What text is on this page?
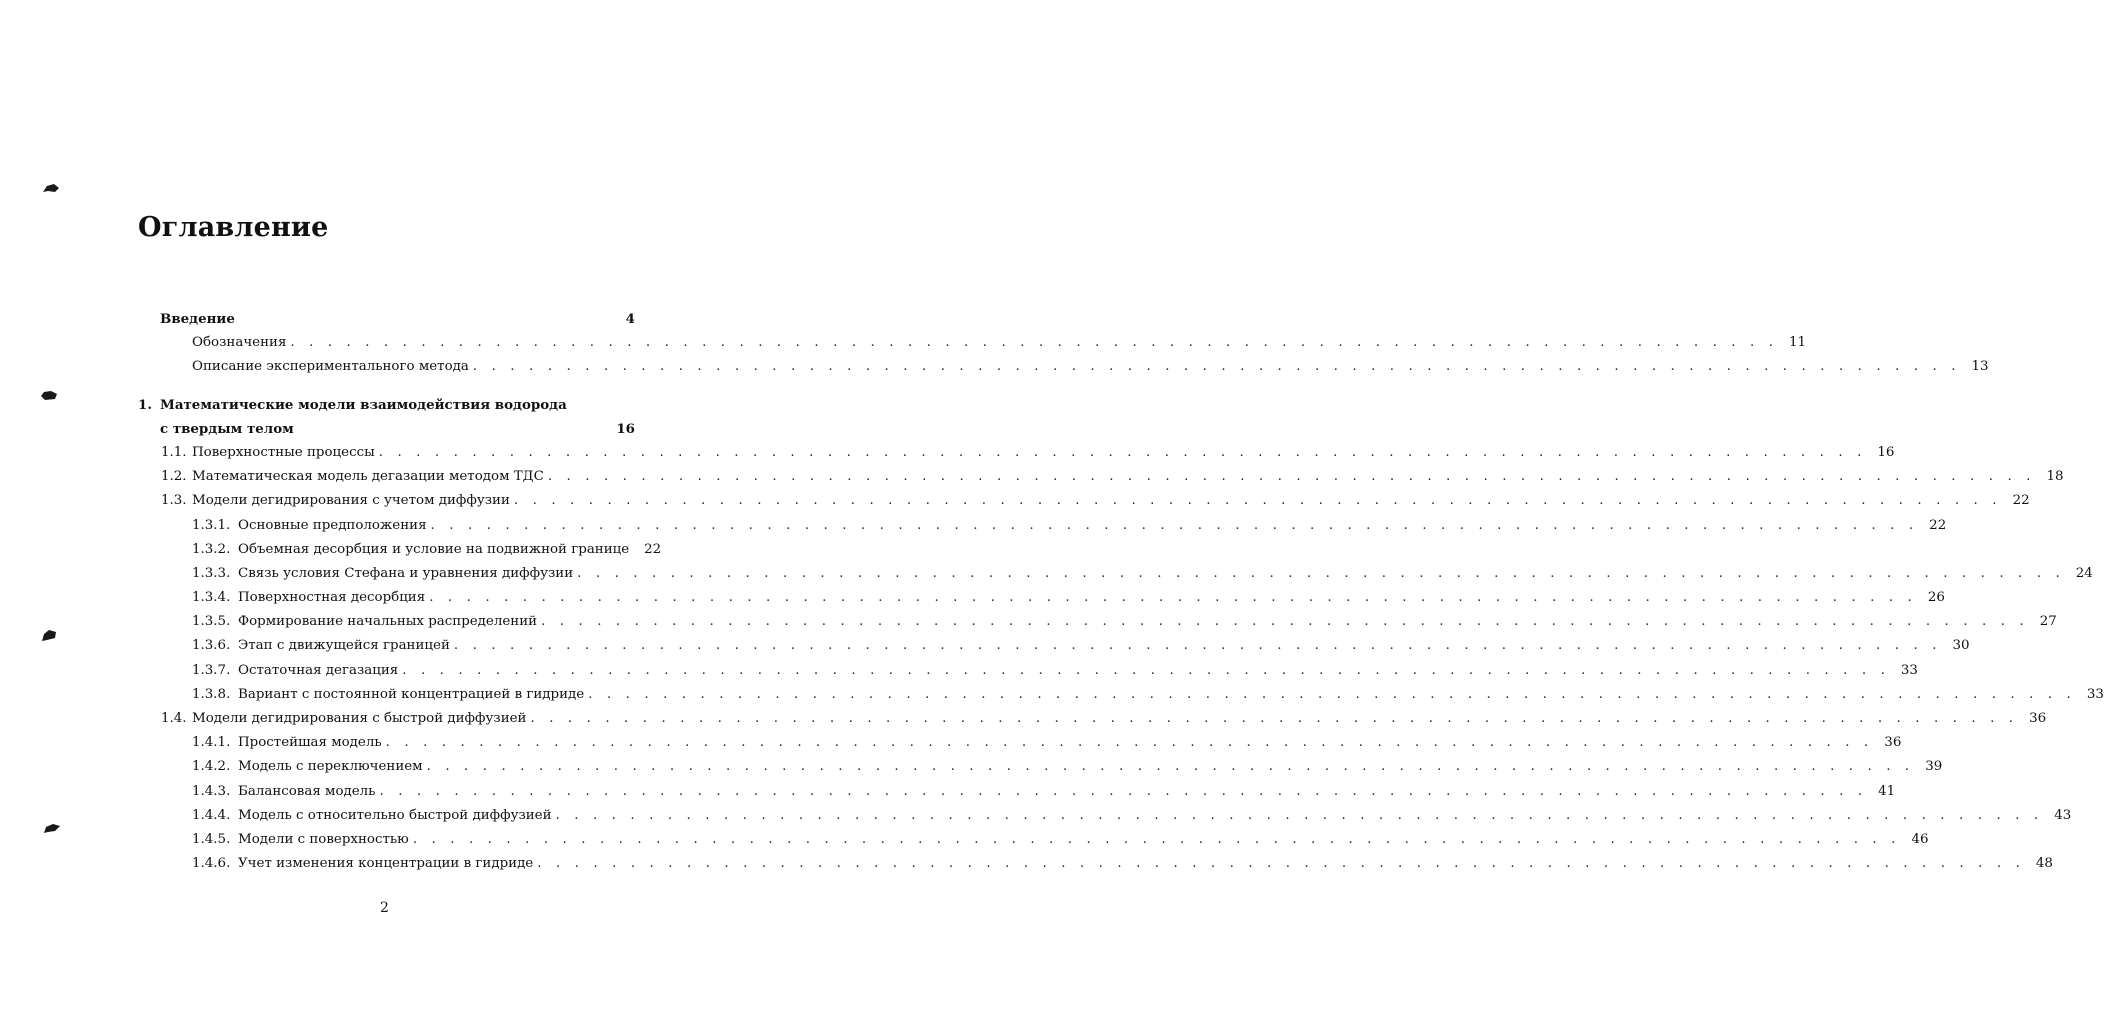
Оглавление
Введение	4
Обозначения . . . . . . . . . . . . . . . . . . . . . . . . . . . . . . . . . . . . . . . . . . . . . . . . . . . . . . . . . . . . . . . . . . . . . . . . . . . . . . . . 11
Описание экспериментального метода . . . . . . . . . . . . . . . . . . . . . . . . . . . . . . . . . . . . . . . . . . . . . . . . . . . . . . . . . . . . . . . . . . . . . . . . . . . . . . . . 13
1. Математические модели взаимодействия водорода
с твердым телом	16
1.1. Поверхностные процессы . . . . . . . . . . . . . . . . . . . . . . . . . . . . . . . . . . . . . . . . . . . . . . . . . . . . . . . . . . . . . . . . . . . . . . . . . . . . . . . . 16
1.2. Математическая модель дегазации методом ТДС . . . . . . . . . . . . . . . . . . . . . . . . . . . . . . . . . . . . . . . . . . . . . . . . . . . . . . . . . . . . . . . . . . . . . . . . . . . . . . . . 18
1.3. Модели дегидрирования с учетом диффузии . . . . . . . . . . . . . . . . . . . . . . . . . . . . . . . . . . . . . . . . . . . . . . . . . . . . . . . . . . . . . . . . . . . . . . . . . . . . . . . . 22
1.3.1. Основные предположения . . . . . . . . . . . . . . . . . . . . . . . . . . . . . . . . . . . . . . . . . . . . . . . . . . . . . . . . . . . . . . . . . . . . . . . . . . . . . . . . 22
1.3.2. Объемная десорбция и условие на подвижной границе	22
1.3.3. Связь условия Стефана и уравнения диффузии . . . . . . . . . . . . . . . . . . . . . . . . . . . . . . . . . . . . . . . . . . . . . . . . . . . . . . . . . . . . . . . . . . . . . . . . . . . . . . . . 24
1.3.4. Поверхностная десорбция . . . . . . . . . . . . . . . . . . . . . . . . . . . . . . . . . . . . . . . . . . . . . . . . . . . . . . . . . . . . . . . . . . . . . . . . . . . . . . . . 26
1.3.5. Формирование начальных распределений . . . . . . . . . . . . . . . . . . . . . . . . . . . . . . . . . . . . . . . . . . . . . . . . . . . . . . . . . . . . . . . . . . . . . . . . . . . . . . . . 27
1.3.6. Этап с движущейся границей . . . . . . . . . . . . . . . . . . . . . . . . . . . . . . . . . . . . . . . . . . . . . . . . . . . . . . . . . . . . . . . . . . . . . . . . . . . . . . . . 30
1.3.7. Остаточная дегазация . . . . . . . . . . . . . . . . . . . . . . . . . . . . . . . . . . . . . . . . . . . . . . . . . . . . . . . . . . . . . . . . . . . . . . . . . . . . . . . . 33
1.3.8. Вариант с постоянной концентрацией в гидриде . . . . . . . . . . . . . . . . . . . . . . . . . . . . . . . . . . . . . . . . . . . . . . . . . . . . . . . . . . . . . . . . . . . . . . . . . . . . . . . . 33
1.4. Модели дегидрирования с быстрой диффузией . . . . . . . . . . . . . . . . . . . . . . . . . . . . . . . . . . . . . . . . . . . . . . . . . . . . . . . . . . . . . . . . . . . . . . . . . . . . . . . . 36
1.4.1. Простейшая модель . . . . . . . . . . . . . . . . . . . . . . . . . . . . . . . . . . . . . . . . . . . . . . . . . . . . . . . . . . . . . . . . . . . . . . . . . . . . . . . . 36
1.4.2. Модель с переключением . . . . . . . . . . . . . . . . . . . . . . . . . . . . . . . . . . . . . . . . . . . . . . . . . . . . . . . . . . . . . . . . . . . . . . . . . . . . . . . . 39
1.4.3. Балансовая модель . . . . . . . . . . . . . . . . . . . . . . . . . . . . . . . . . . . . . . . . . . . . . . . . . . . . . . . . . . . . . . . . . . . . . . . . . . . . . . . . 41
1.4.4. Модель с относительно быстрой диффузией . . . . . . . . . . . . . . . . . . . . . . . . . . . . . . . . . . . . . . . . . . . . . . . . . . . . . . . . . . . . . . . . . . . . . . . . . . . . . . . . 43
1.4.5. Модели с поверхностью . . . . . . . . . . . . . . . . . . . . . . . . . . . . . . . . . . . . . . . . . . . . . . . . . . . . . . . . . . . . . . . . . . . . . . . . . . . . . . . . 46
1.4.6. Учет изменения концентрации в гидриде . . . . . . . . . . . . . . . . . . . . . . . . . . . . . . . . . . . . . . . . . . . . . . . . . . . . . . . . . . . . . . . . . . . . . . . . . . . . . . . . 48
2
